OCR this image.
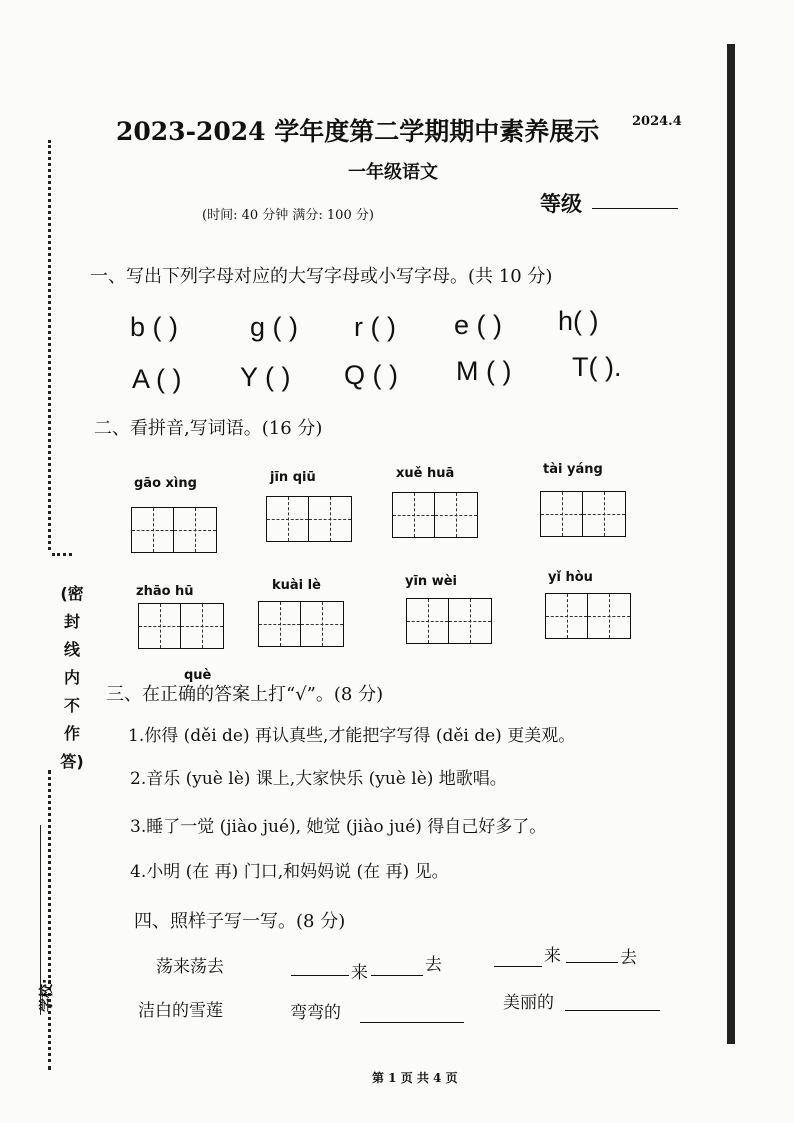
(密封线内不作答)
学校:
2023-2024 学年度第二学期期中素养展示	2024.4
一年级语文
(时间: 40 分钟 满分: 100 分)	等级
一、写出下列字母对应的大写字母或小写字母。(共 10 分)
b ( )	g ( ) r ( ) e ( ) h( )
A ( ) Y ( ) Q ( ) M ( ) T( ).
二、看拼音,写词语。(16 分)
gāo xìng	jīn qiū	xuě huā	tài yáng
zhāo hū	kuài lè	yīn wèi	yǐ hòu
què
三、在正确的答案上打“√”。(8 分)
1.你得 (děi de) 再认真些,才能把字写得 (děi de) 更美观。
2.音乐 (yuè lè) 课上,大家快乐 (yuè lè) 地歌唱。
3.睡了一觉 (jiào jué), 她觉 (jiào jué) 得自己好多了。
4.小明 (在 再) 门口,和妈妈说 (在 再) 见。
四、照样子写一写。(8 分)
荡来荡去	来	去	来	去
洁白的雪莲	弯弯的	美丽的
第 1 页 共 4 页
